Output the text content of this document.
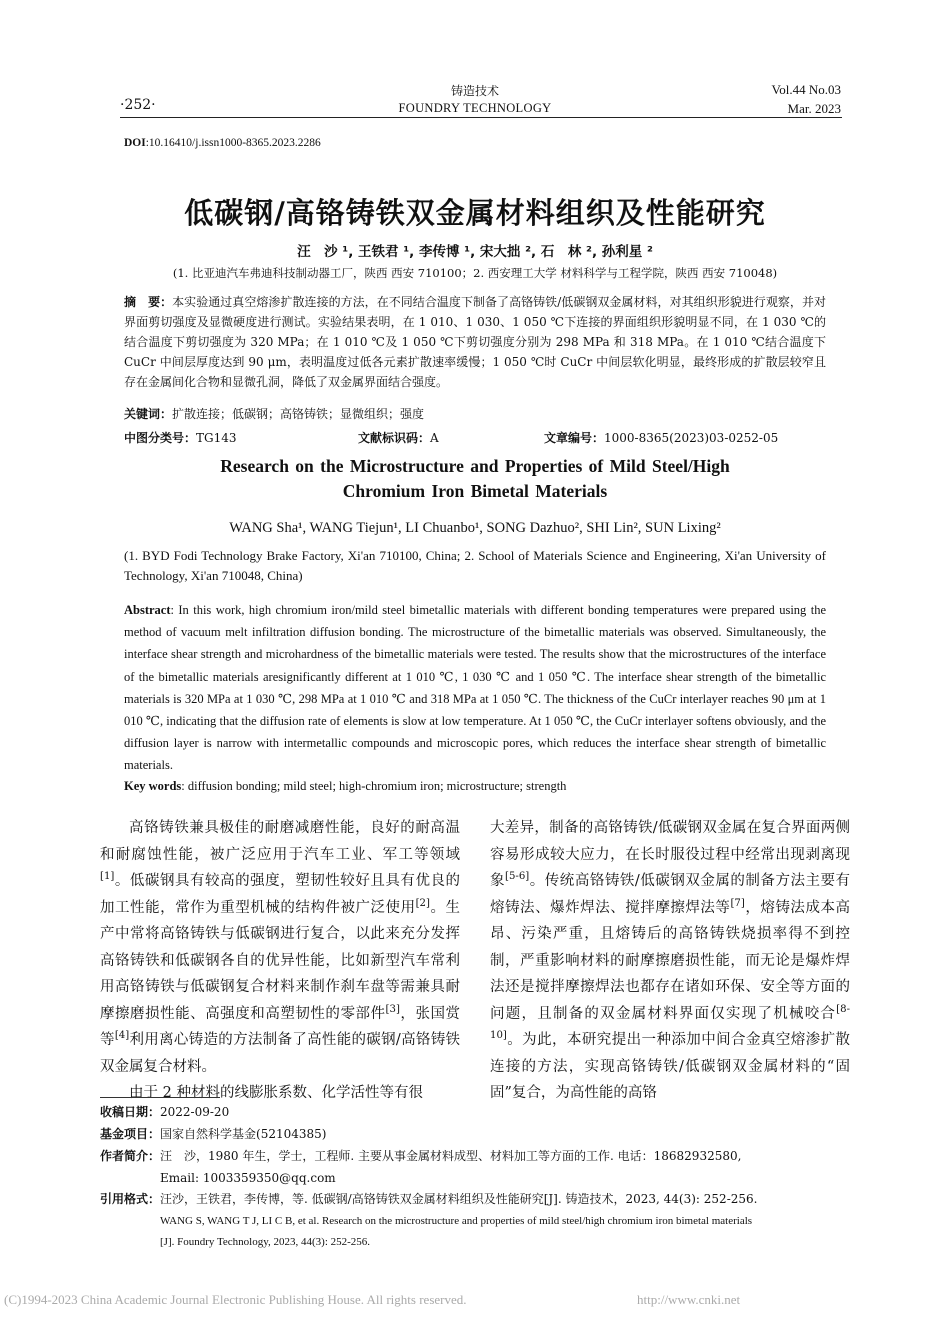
·252·
铸造技术
FOUNDRY TECHNOLOGY
Vol.44 No.03
Mar. 2023
DOI:10.16410/j.issn1000-8365.2023.2286
低碳钢/高铬铸铁双金属材料组织及性能研究
汪　沙 ¹, 王铁君 ¹, 李传博 ¹, 宋大拙 ², 石　林 ², 孙利星 ²
(1. 比亚迪汽车弗迪科技制动器工厂，陕西 西安 710100；2. 西安理工大学 材料科学与工程学院，陕西 西安 710048)
摘　要：本实验通过真空熔渗扩散连接的方法，在不同结合温度下制备了高铬铸铁/低碳钢双金属材料，对其组织形貌进行观察，并对界面剪切强度及显微硬度进行测试。实验结果表明，在 1 010、1 030、1 050 ℃下连接的界面组织形貌明显不同，在 1 030 ℃的结合温度下剪切强度为 320 MPa；在 1 010 ℃及 1 050 ℃下剪切强度分别为 298 MPa 和 318 MPa。在 1 010 ℃结合温度下 CuCr 中间层厚度达到 90 μm，表明温度过低各元素扩散速率缓慢；1 050 ℃时 CuCr 中间层软化明显，最终形成的扩散层较窄且存在金属间化合物和显微孔洞，降低了双金属界面结合强度。
关键词：扩散连接；低碳钢；高铬铸铁；显微组织；强度
中图分类号：TG143	文献标识码：A	文章编号：1000-8365(2023)03-0252-05
Research on the Microstructure and Properties of Mild Steel/High
Chromium Iron Bimetal Materials
WANG Sha¹, WANG Tiejun¹, LI Chuanbo¹, SONG Dazhuo², SHI Lin², SUN Lixing²
(1. BYD Fodi Technology Brake Factory, Xi'an 710100, China; 2. School of Materials Science and Engineering, Xi'an University of Technology, Xi'an 710048, China)
Abstract: In this work, high chromium iron/mild steel bimetallic materials with different bonding temperatures were prepared using the method of vacuum melt infiltration diffusion bonding. The microstructure of the bimetallic materials was observed. Simultaneously, the interface shear strength and microhardness of the bimetallic materials were tested. The results show that the microstructures of the interface of the bimetallic materials aresignificantly different at 1 010 ℃, 1 030 ℃ and 1 050 ℃. The interface shear strength of the bimetallic materials is 320 MPa at 1 030 ℃, 298 MPa at 1 010 ℃ and 318 MPa at 1 050 ℃. The thickness of the CuCr interlayer reaches 90 μm at 1 010 ℃, indicating that the diffusion rate of elements is slow at low temperature. At 1 050 ℃, the CuCr interlayer softens obviously, and the diffusion layer is narrow with intermetallic compounds and microscopic pores, which reduces the interface shear strength of bimetallic materials.
Key words: diffusion bonding; mild steel; high-chromium iron; microstructure; strength
高铬铸铁兼具极佳的耐磨减磨性能，良好的耐高温和耐腐蚀性能，被广泛应用于汽车工业、军工等领域[1]。低碳钢具有较高的强度，塑韧性较好且具有优良的加工性能，常作为重型机械的结构件被广泛使用[2]。生产中常将高铬铸铁与低碳钢进行复合，以此来充分发挥高铬铸铁和低碳钢各自的优异性能，比如新型汽车常利用高铬铸铁与低碳钢复合材料来制作刹车盘等需兼具耐摩擦磨损性能、高强度和高塑韧性的零部件[3]，张国赏等[4]利用离心铸造的方法制备了高性能的碳钢/高铬铸铁双金属复合材料。
由于 2 种材料的线膨胀系数、化学活性等有很
大差异，制备的高铬铸铁/低碳钢双金属在复合界面两侧容易形成较大应力，在长时服役过程中经常出现剥离现象[5-6]。传统高铬铸铁/低碳钢双金属的制备方法主要有熔铸法、爆炸焊法、搅拌摩擦焊法等[7]，熔铸法成本高昂、污染严重，且熔铸后的高铬铸铁烧损率得不到控制，严重影响材料的耐摩擦磨损性能，而无论是爆炸焊法还是搅拌摩擦焊法也都存在诸如环保、安全等方面的问题，且制备的双金属材料界面仅实现了机械咬合[8-10]。为此，本研究提出一种添加中间合金真空熔渗扩散连接的方法，实现高铬铸铁/低碳钢双金属材料的“固固”复合，为高性能的高铬
收稿日期：2022-09-20
基金项目：国家自然科学基金(52104385)
作者简介：汪　沙，1980 年生，学士，工程师. 主要从事金属材料成型、材料加工等方面的工作. 电话：18682932580,
Email: 1003359350@qq.com
引用格式：汪沙，王铁君，李传博，等. 低碳钢/高铬铸铁双金属材料组织及性能研究[J]. 铸造技术，2023, 44(3): 252-256.
WANG S, WANG T J, LI C B, et al. Research on the microstructure and properties of mild steel/high chromium iron bimetal materials
[J]. Foundry Technology, 2023, 44(3): 252-256.
(C)1994-2023 China Academic Journal Electronic Publishing House. All rights reserved.	http://www.cnki.net
